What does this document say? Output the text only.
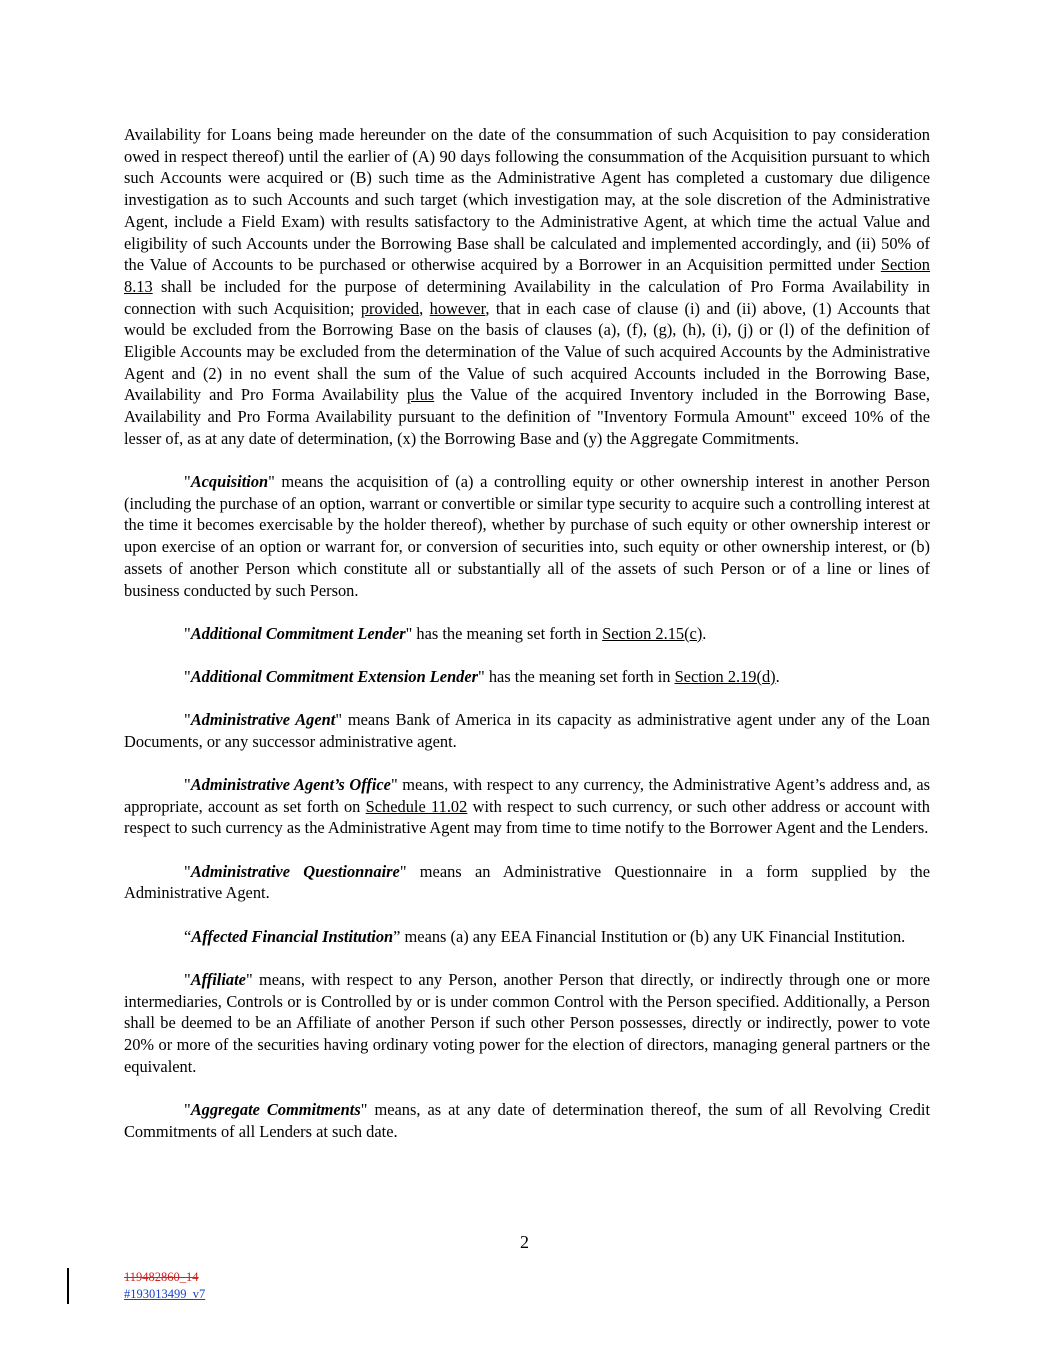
Availability for Loans being made hereunder on the date of the consummation of such Acquisition to pay consideration owed in respect thereof) until the earlier of (A) 90 days following the consummation of the Acquisition pursuant to which such Accounts were acquired or (B) such time as the Administrative Agent has completed a customary due diligence investigation as to such Accounts and such target (which investigation may, at the sole discretion of the Administrative Agent, include a Field Exam) with results satisfactory to the Administrative Agent, at which time the actual Value and eligibility of such Accounts under the Borrowing Base shall be calculated and implemented accordingly, and (ii) 50% of the Value of Accounts to be purchased or otherwise acquired by a Borrower in an Acquisition permitted under Section 8.13 shall be included for the purpose of determining Availability in the calculation of Pro Forma Availability in connection with such Acquisition; provided, however, that in each case of clause (i) and (ii) above, (1) Accounts that would be excluded from the Borrowing Base on the basis of clauses (a), (f), (g), (h), (i), (j) or (l) of the definition of Eligible Accounts may be excluded from the determination of the Value of such acquired Accounts by the Administrative Agent and (2) in no event shall the sum of the Value of such acquired Accounts included in the Borrowing Base, Availability and Pro Forma Availability plus the Value of the acquired Inventory included in the Borrowing Base, Availability and Pro Forma Availability pursuant to the definition of "Inventory Formula Amount" exceed 10% of the lesser of, as at any date of determination, (x) the Borrowing Base and (y) the Aggregate Commitments.

"Acquisition" means the acquisition of (a) a controlling equity or other ownership interest in another Person (including the purchase of an option, warrant or convertible or similar type security to acquire such a controlling interest at the time it becomes exercisable by the holder thereof), whether by purchase of such equity or other ownership interest or upon exercise of an option or warrant for, or conversion of securities into, such equity or other ownership interest, or (b) assets of another Person which constitute all or substantially all of the assets of such Person or of a line or lines of business conducted by such Person.

"Additional Commitment Lender" has the meaning set forth in Section 2.15(c).

"Additional Commitment Extension Lender" has the meaning set forth in Section 2.19(d).

"Administrative Agent" means Bank of America in its capacity as administrative agent under any of the Loan Documents, or any successor administrative agent.

"Administrative Agent’s Office" means, with respect to any currency, the Administrative Agent’s address and, as appropriate, account as set forth on Schedule 11.02 with respect to such currency, or such other address or account with respect to such currency as the Administrative Agent may from time to time notify to the Borrower Agent and the Lenders.

"Administrative Questionnaire" means an Administrative Questionnaire in a form supplied by the Administrative Agent.

“Affected Financial Institution” means (a) any EEA Financial Institution or (b) any UK Financial Institution.

"Affiliate" means, with respect to any Person, another Person that directly, or indirectly through one or more intermediaries, Controls or is Controlled by or is under common Control with the Person specified. Additionally, a Person shall be deemed to be an Affiliate of another Person if such other Person possesses, directly or indirectly, power to vote 20% or more of the securities having ordinary voting power for the election of directors, managing general partners or the equivalent.

"Aggregate Commitments" means, as at any date of determination thereof, the sum of all Revolving Credit Commitments of all Lenders at such date.

2
119482860_14
#193013499_v7
